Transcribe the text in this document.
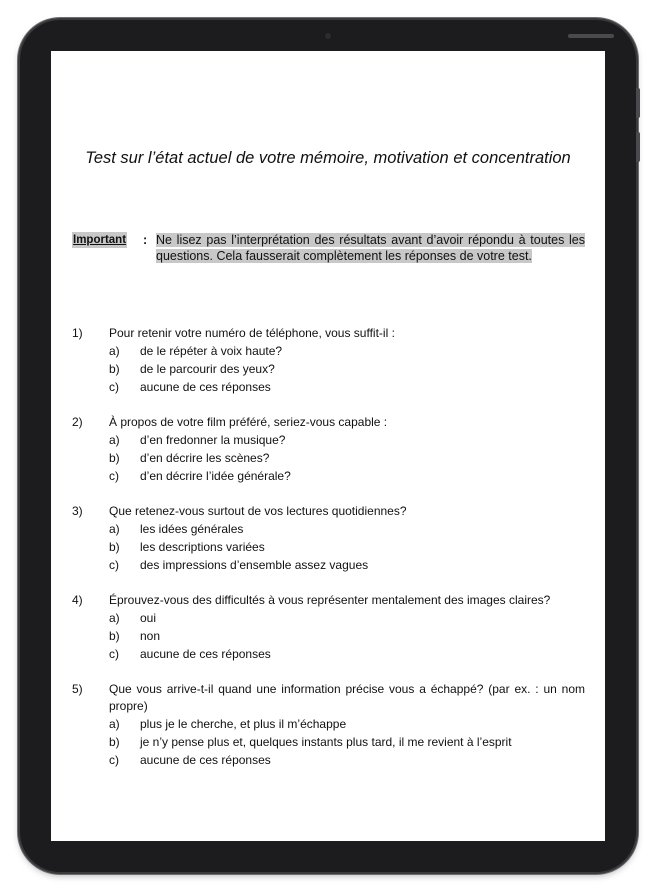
Test sur l’état actuel de votre mémoire, motivation et concentration
Important : Ne lisez pas l’interprétation des résultats avant d’avoir répondu à toutes les questions. Cela fausserait complètement les réponses de votre test.
1) Pour retenir votre numéro de téléphone, vous suffit-il :
a) de le répéter à voix haute?
b) de le parcourir des yeux?
c) aucune de ces réponses
2) À propos de votre film préféré, seriez-vous capable :
a) d’en fredonner la musique?
b) d’en décrire les scènes?
c) d’en décrire l’idée générale?
3) Que retenez-vous surtout de vos lectures quotidiennes?
a) les idées générales
b) les descriptions variées
c) des impressions d’ensemble assez vagues
4) Éprouvez-vous des difficultés à vous représenter mentalement des images claires?
a) oui
b) non
c) aucune de ces réponses
5) Que vous arrive-t-il quand une information précise vous a échappé? (par ex. : un nom propre)
a) plus je le cherche, et plus il m’échappe
b) je n’y pense plus et, quelques instants plus tard, il me revient à l’esprit
c) aucune de ces réponses
